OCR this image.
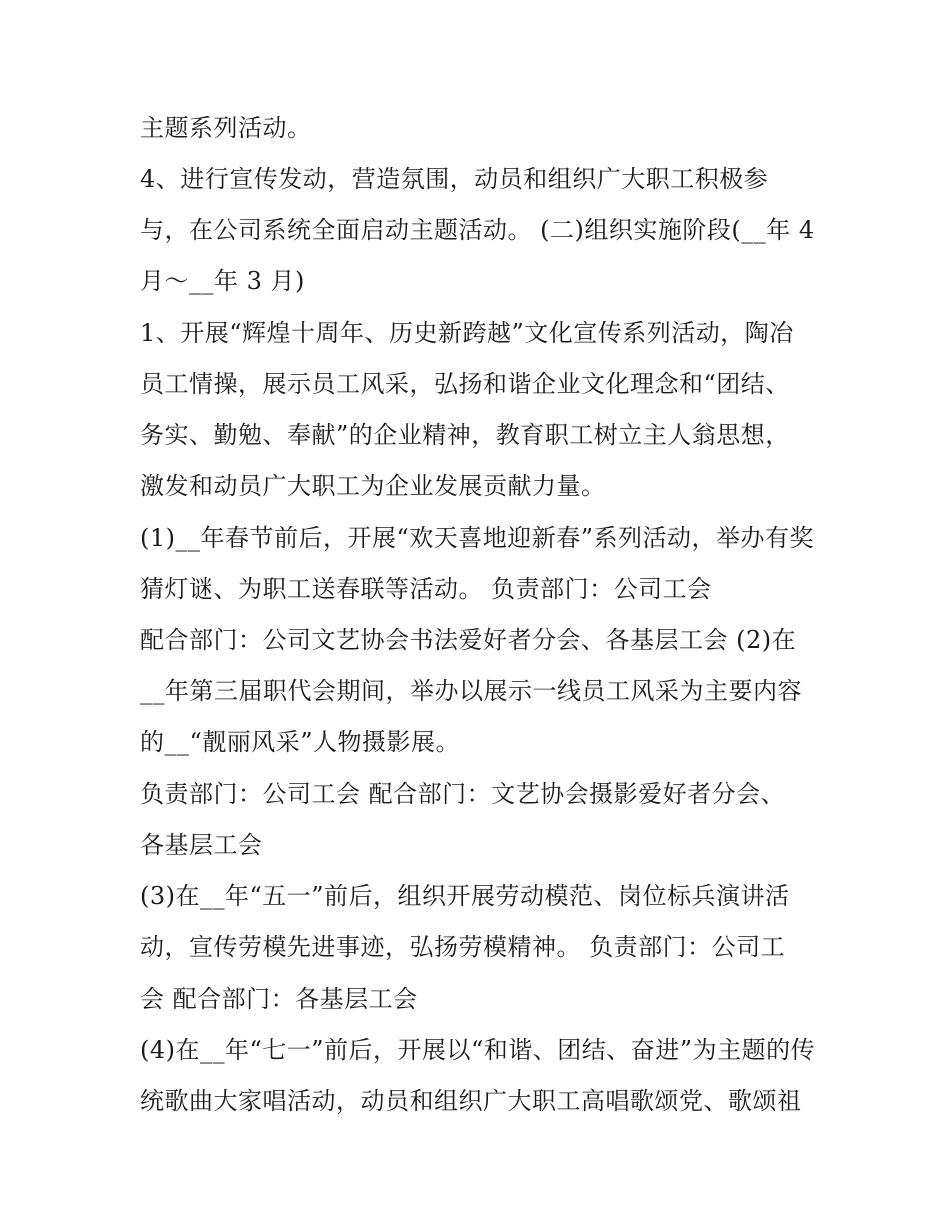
主题系列活动。
4、进行宣传发动，营造氛围，动员和组织广大职工积极参
与，在公司系统全面启动主题活动。 (二)组织实施阶段(__年 4
月～__年 3 月)
1、开展“辉煌十周年、历史新跨越”文化宣传系列活动，陶冶
员工情操，展示员工风采，弘扬和谐企业文化理念和“团结、
务实、勤勉、奉献”的企业精神，教育职工树立主人翁思想，
激发和动员广大职工为企业发展贡献力量。
(1)__年春节前后，开展“欢天喜地迎新春”系列活动，举办有奖
猜灯谜、为职工送春联等活动。 负责部门：公司工会
配合部门：公司文艺协会书法爱好者分会、各基层工会 (2)在
__年第三届职代会期间，举办以展示一线员工风采为主要内容
的__“靓丽风采”人物摄影展。
负责部门：公司工会 配合部门：文艺协会摄影爱好者分会、
各基层工会
(3)在__年“五一”前后，组织开展劳动模范、岗位标兵演讲活
动，宣传劳模先进事迹，弘扬劳模精神。 负责部门：公司工
会 配合部门：各基层工会
(4)在__年“七一”前后，开展以“和谐、团结、奋进”为主题的传
统歌曲大家唱活动，动员和组织广大职工高唱歌颂党、歌颂祖
